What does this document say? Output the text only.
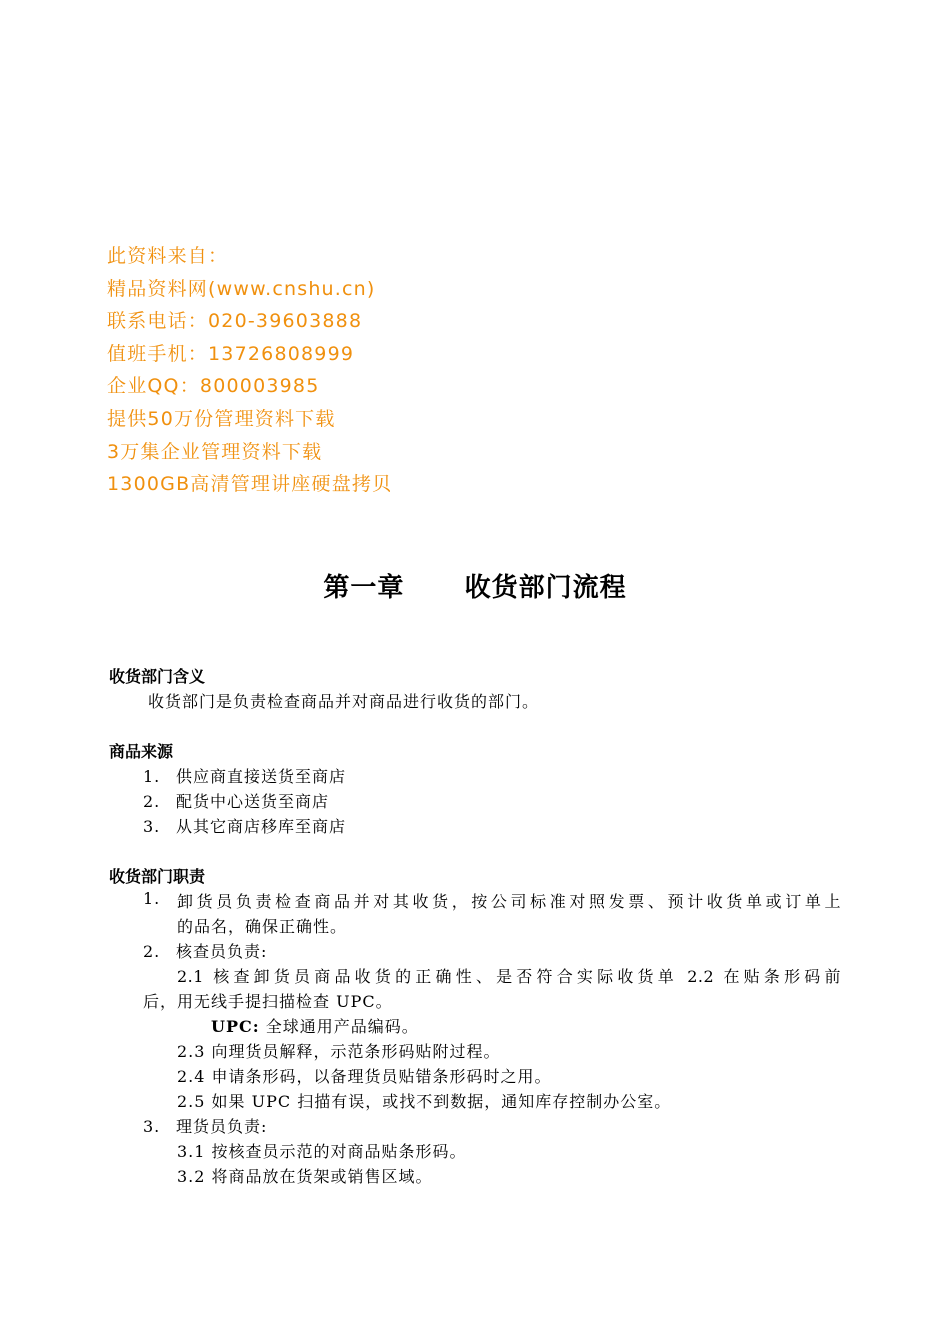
此资料来自：
精品资料网(www.cnshu.cn)
联系电话：020-39603888
值班手机：13726808999
企业QQ：800003985
提供50万份管理资料下载
3万集企业管理资料下载
1300GB高清管理讲座硬盘拷贝
第一章      收货部门流程
收货部门含义
收货部门是负责检查商品并对商品进行收货的部门。
商品来源
1. 供应商直接送货至商店
2. 配货中心送货至商店
3. 从其它商店移库至商店
收货部门职责
1. 卸货员负责检查商品并对其收货，按公司标准对照发票、预计收货单或订单上
的品名，确保正确性。
2. 核查员负责:
2.1 核查卸货员商品收货的正确性、是否符合实际收货单 2.2 在贴条形码前
后，用无线手提扫描检查 UPC。
UPC: 全球通用产品编码。
2.3 向理货员解释，示范条形码贴附过程。
2.4 申请条形码，以备理货员贴错条形码时之用。
2.5 如果 UPC 扫描有误，或找不到数据，通知库存控制办公室。
3. 理货员负责:
3.1 按核查员示范的对商品贴条形码。
3.2 将商品放在货架或销售区域。
